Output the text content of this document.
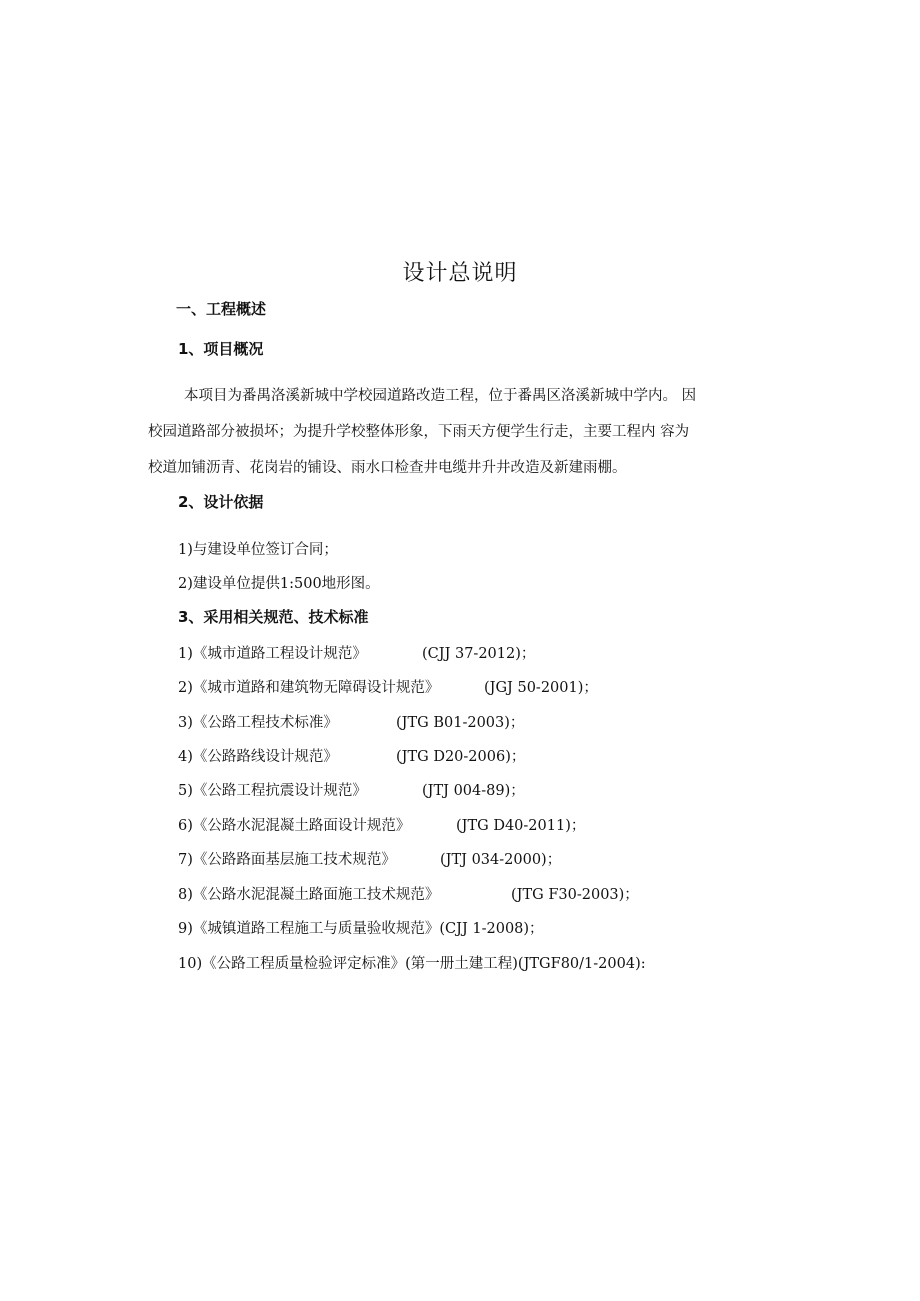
设计总说明
一、工程概述
1、项目概况
本项目为番禺洛溪新城中学校园道路改造工程，位于番禺区洛溪新城中学内。 因
校园道路部分被损坏；为提升学校整体形象，下雨天方便学生行走，主要工程内 容为
校道加铺沥青、花岗岩的铺设、雨水口检查井电缆井升井改造及新建雨棚。
2、设计依据
1)与建设单位签订合同；
2)建设单位提供1:500地形图。
3、采用相关规范、技术标准
1)《城市道路工程设计规范》	(CJJ 37-2012)；
2)《城市道路和建筑物无障碍设计规范》	(JGJ 50-2001)；
3)《公路工程技术标准》	(JTG B01-2003)；
4)《公路路线设计规范》	(JTG D20-2006)；
5)《公路工程抗震设计规范》	(JTJ 004-89)；
6)《公路水泥混凝土路面设计规范》	(JTG D40-2011)；
7)《公路路面基层施工技术规范》	(JTJ 034-2000)；
8)《公路水泥混凝土路面施工技术规范》	(JTG F30-2003)；
9)《城镇道路工程施工与质量验收规范》(CJJ 1-2008)；
10)《公路工程质量检验评定标准》(第一册土建工程)(JTGF80/1-2004):
